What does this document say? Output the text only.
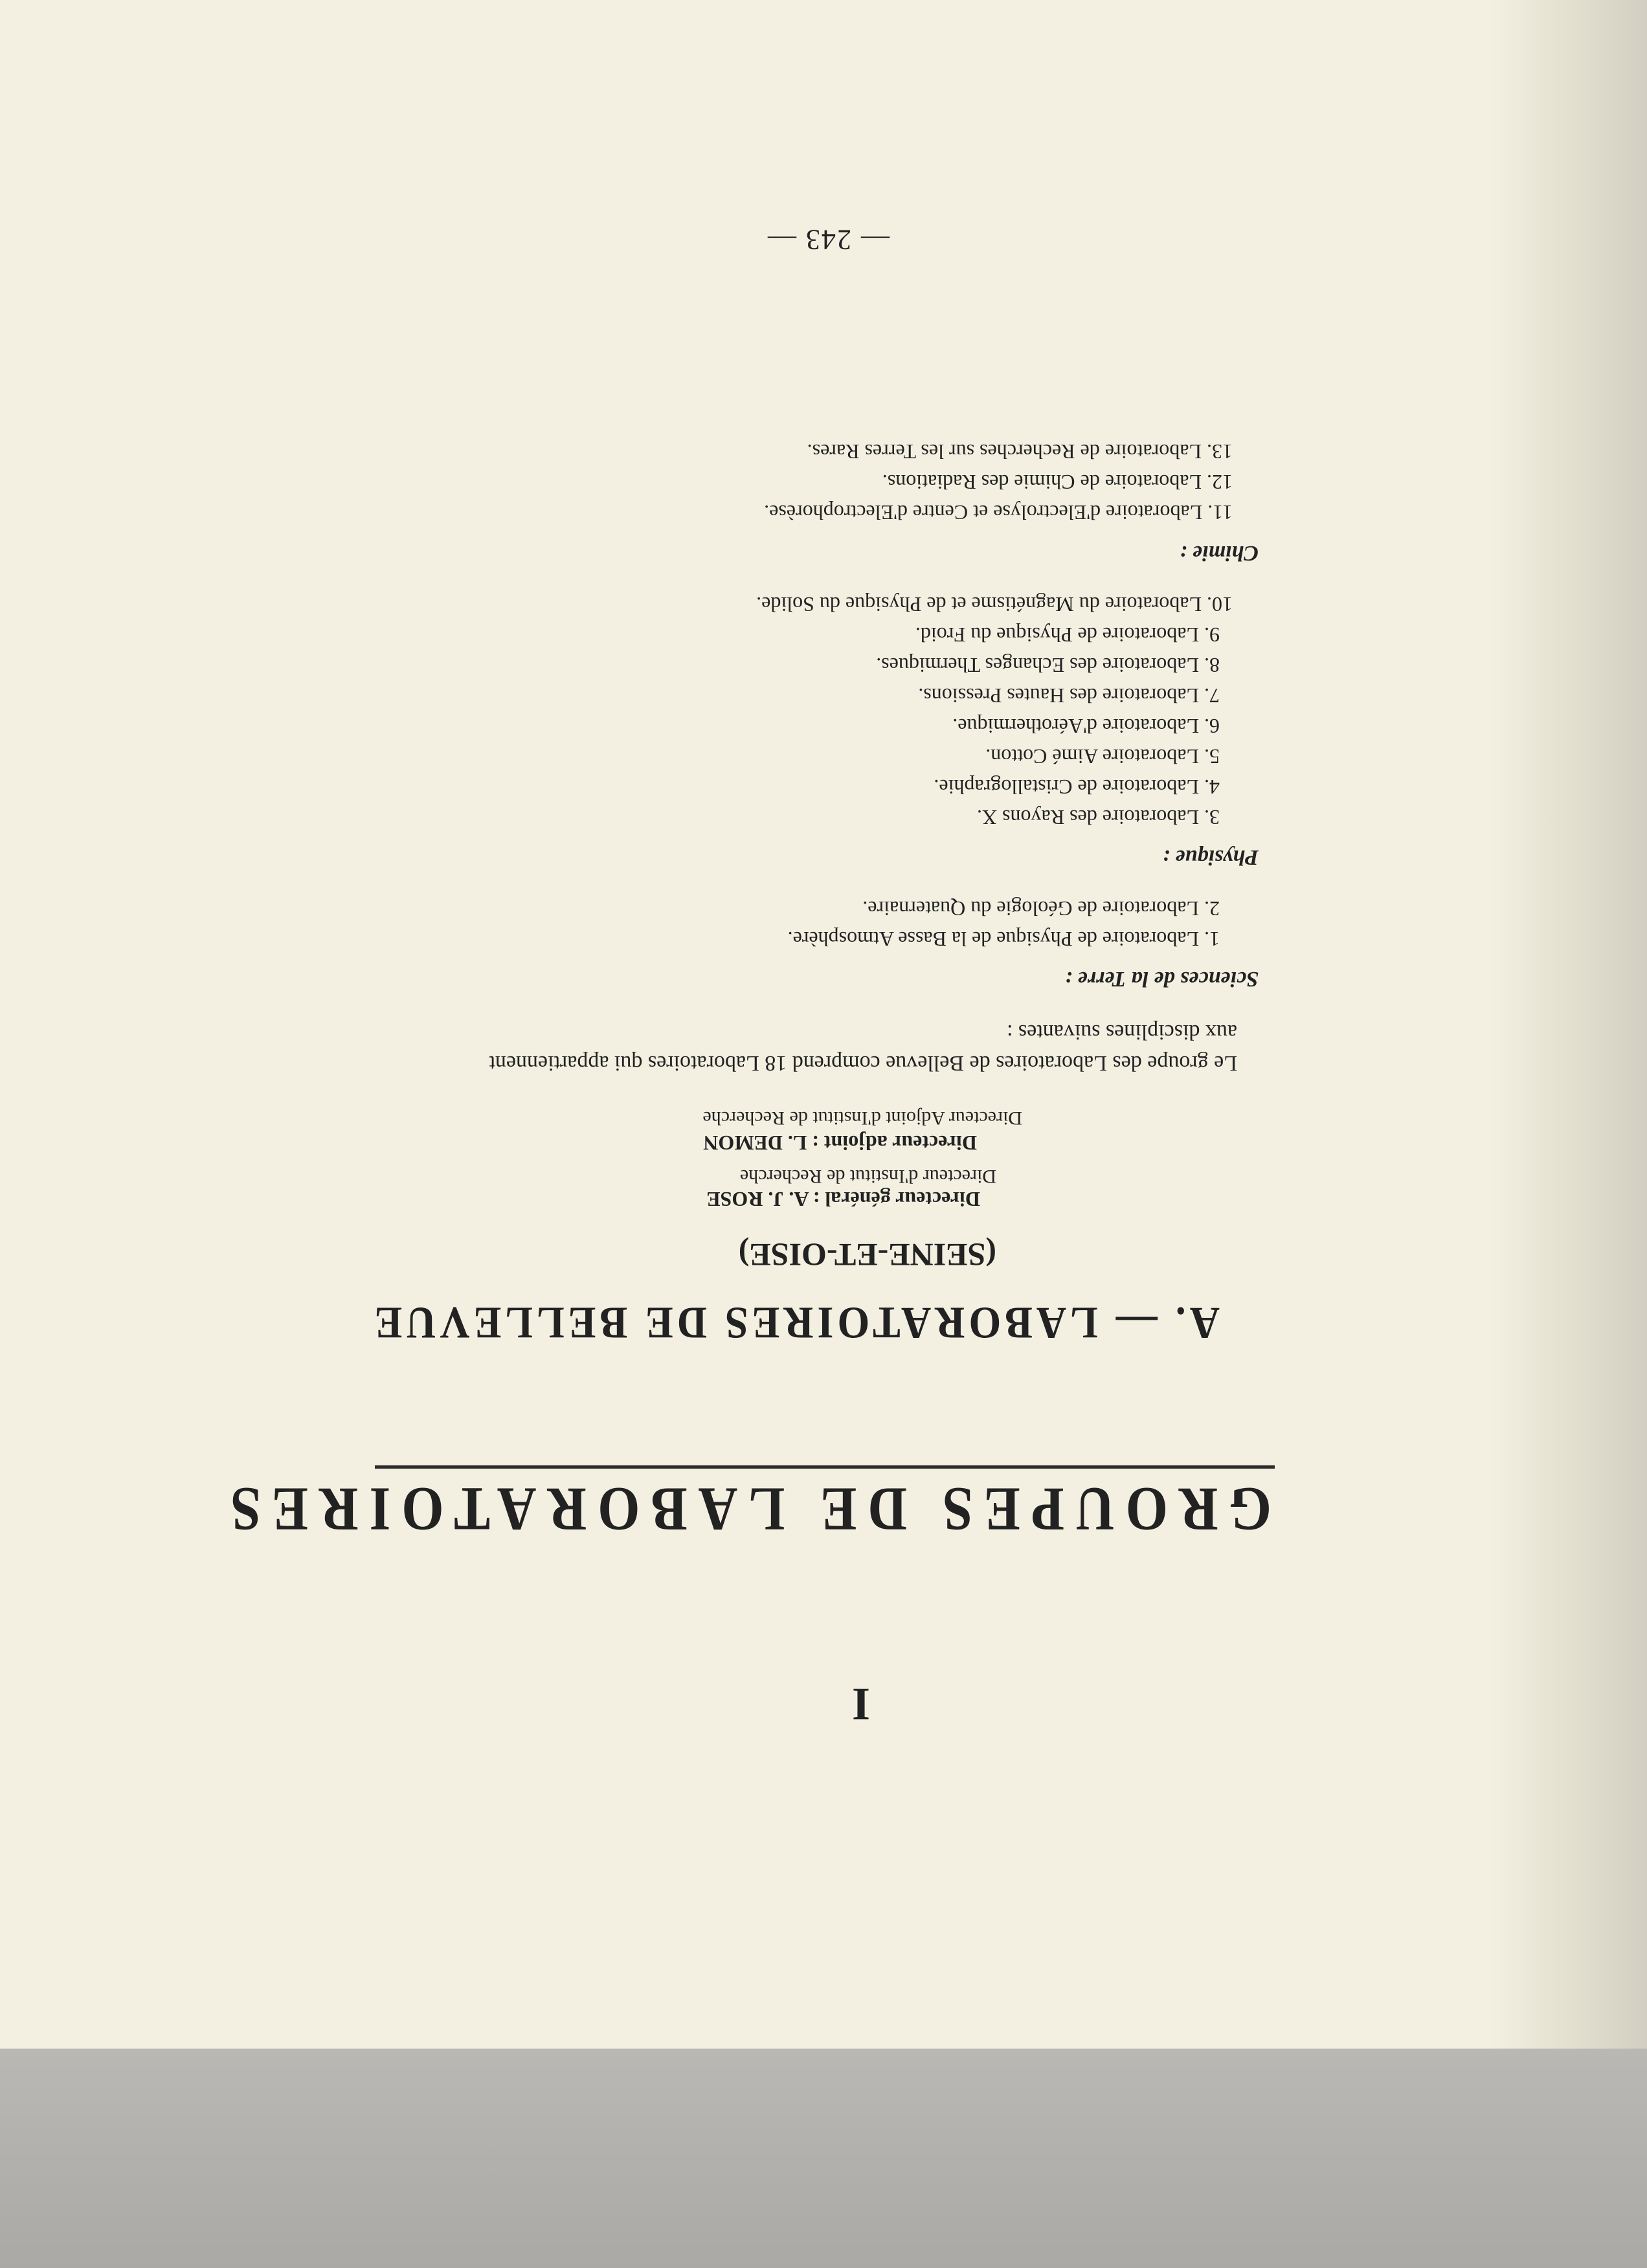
— 243 —
I
GROUPES DE LABORATOIRES
A. — LABORATOIRES DE BELLEVUE
(SEINE-ET-OISE)
Directeur général : A. J. ROSE
Directeur d'Institut de Recherche
Directeur adjoint : L. DEMON
Directeur Adjoint d'Institut de Recherche
Le groupe des Laboratoires de Bellevue comprend 18 Laboratoires qui appartiennent
aux disciplines suivantes :
Sciences de la Terre :
1. Laboratoire de Physique de la Basse Atmosphère.
2. Laboratoire de Géologie du Quaternaire.
Physique :
3. Laboratoire des Rayons X.
4. Laboratoire de Cristallographie.
5. Laboratoire Aimé Cotton.
6. Laboratoire d'Aérothermique.
7. Laboratoire des Hautes Pressions.
8. Laboratoire des Echanges Thermiques.
9. Laboratoire de Physique du Froid.
10. Laboratoire du Magnétisme et de Physique du Solide.
Chimie :
11. Laboratoire d'Electrolyse et Centre d'Electrophorèse.
12. Laboratoire de Chimie des Radiations.
13. Laboratoire de Recherches sur les Terres Rares.
